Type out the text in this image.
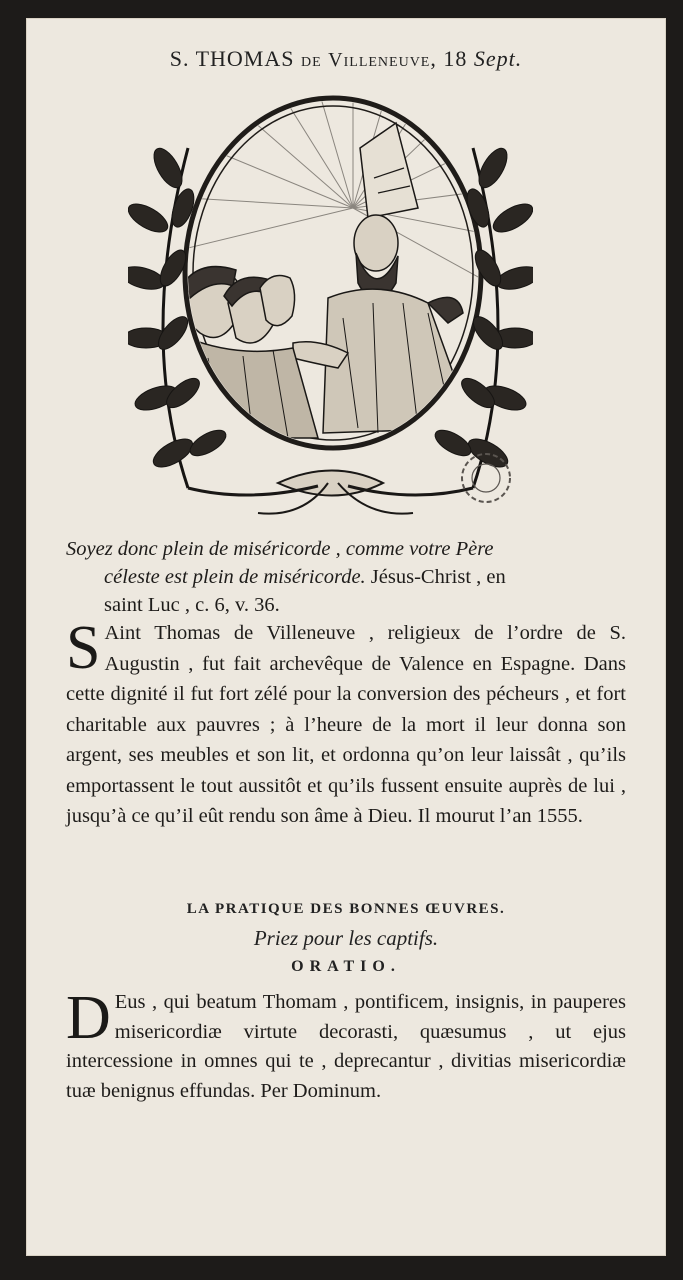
S. THOMAS de Villeneuve, 18 Sept.
Soyez donc plein de miséricorde , comme votre Père
céleste est plein de miséricorde. Jésus-Christ , en
saint Luc , c. 6, v. 36.
S Aint Thomas de Villeneuve , religieux de l’ordre de S. Augustin , fut fait archevêque de Valence en Espagne. Dans cette dignité il fut fort zélé pour la conversion des pécheurs , et fort charitable aux pauvres ; à l’heure de la mort il leur donna son argent, ses meubles et son lit, et ordonna qu’on leur laissât , qu’ils emportassent le tout aussitôt et qu’ils fussent ensuite auprès de lui , jusqu’à ce qu’il eût rendu son âme à Dieu. Il mourut l’an 1555.
LA PRATIQUE DES BONNES ŒUVRES.
Priez pour les captifs.
ORATIO.
D Eus , qui beatum Thomam , pontificem, insignis, in pauperes misericordiæ virtute decorasti, quæsumus , ut ejus intercessione in omnes qui te , deprecantur , divitias misericordiæ tuæ benignus effundas. Per Dominum.
